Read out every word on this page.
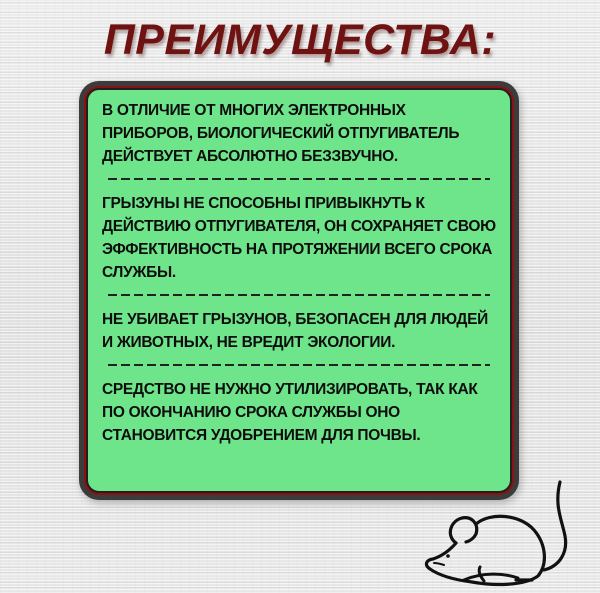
ПРЕИМУЩЕСТВА:

В ОТЛИЧИЕ ОТ МНОГИХ ЭЛЕКТРОННЫХ ПРИБОРОВ, БИОЛОГИЧЕСКИЙ ОТПУГИВАТЕЛЬ ДЕЙСТВУЕТ АБСОЛЮТНО БЕЗЗВУЧНО.

ГРЫЗУНЫ НЕ СПОСОБНЫ ПРИВЫКНУТЬ К ДЕЙСТВИЮ ОТПУГИВАТЕЛЯ, ОН СОХРАНЯЕТ СВОЮ ЭФФЕКТИВНОСТЬ НА ПРОТЯЖЕНИИ ВСЕГО СРОКА СЛУЖБЫ.

НЕ УБИВАЕТ ГРЫЗУНОВ, БЕЗОПАСЕН ДЛЯ ЛЮДЕЙ И ЖИВОТНЫХ, НЕ ВРЕДИТ ЭКОЛОГИИ.

СРЕДСТВО НЕ НУЖНО УТИЛИЗИРОВАТЬ, ТАК КАК ПО ОКОНЧАНИЮ СРОКА СЛУЖБЫ ОНО СТАНОВИТСЯ УДОБРЕНИЕМ ДЛЯ ПОЧВЫ.
